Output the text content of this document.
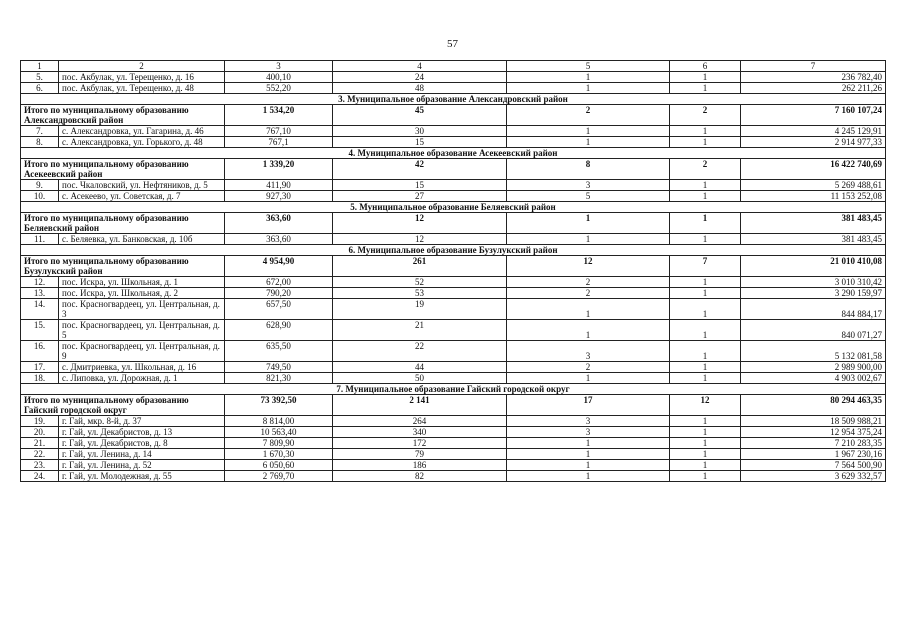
57
1	2	3	4	5	6	7
5.	пос. Акбулак, ул. Терещенко, д. 16	400,10	24	1	1	236 782,40
6.	пос. Акбулак, ул. Терещенко, д. 48	552,20	48	1	1	262 211,26
3. Муниципальное образование Александровский район						
Итого по муниципальному образованию Александровский район		1 534,20	45	2	2	7 160 107,24
7.	с. Александровка, ул. Гагарина, д. 46	767,10	30	1	1	4 245 129,91
8.	с. Александровка, ул. Горького, д. 48	767,1	15	1	1	2 914 977,33
4. Муниципальное образование Асекеевский район						
Итого по муниципальному образованию Асекеевский район		1 339,20	42	8	2	16 422 740,69
9.	пос. Чкаловский, ул. Нефтяников, д. 5	411,90	15	3	1	5 269 488,61
10.	с. Асекеево, ул. Советская, д. 7	927,30	27	5	1	11 153 252,08
5. Муниципальное образование Беляевский район						
Итого по муниципальному образованию Беляевский район		363,60	12	1	1	381 483,45
11.	с. Беляевка, ул. Банковская, д. 10б	363,60	12	1	1	381 483,45
6. Муниципальное образование Бузулукский район						
Итого по муниципальному образованию Бузулукский район		4 954,90	261	12	7	21 010 410,08
12.	пос. Искра, ул. Школьная, д. 1	672,00	52	2	1	3 010 310,42
13.	пос. Искра, ул. Школьная, д. 2	790,20	53	2	1	3 290 159,97
14.	пос. Красногвардеец, ул. Центральная, д. 3	657,50	19	1	1	844 884,17
15.	пос. Красногвардеец, ул. Центральная, д. 5	628,90	21	1	1	840 071,27
16.	пос. Красногвардеец, ул. Центральная, д. 9	635,50	22	3	1	5 132 081,58
17.	с. Дмитриевка, ул. Школьная, д. 16	749,50	44	2	1	2 989 900,00
18.	с. Липовка, ул. Дорожная, д. 1	821,30	50	1	1	4 903 002,67
7. Муниципальное образование Гайский городской округ						
Итого по муниципальному образованию Гайский городской округ		73 392,50	2 141	17	12	80 294 463,35
19.	г. Гай, мкр. 8-й, д. 37	8 814,00	264	3	1	18 509 988,21
20.	г. Гай, ул. Декабристов, д. 13	10 563,40	340	3	1	12 954 375,24
21.	г. Гай, ул. Декабристов, д. 8	7 809,90	172	1	1	7 210 283,35
22.	г. Гай, ул. Ленина, д. 14	1 670,30	79	1	1	1 967 230,16
23.	г. Гай, ул. Ленина, д. 52	6 050,60	186	1	1	7 564 500,90
24.	г. Гай, ул. Молодежная, д. 55	2 769,70	82	1	1	3 629 332,57
